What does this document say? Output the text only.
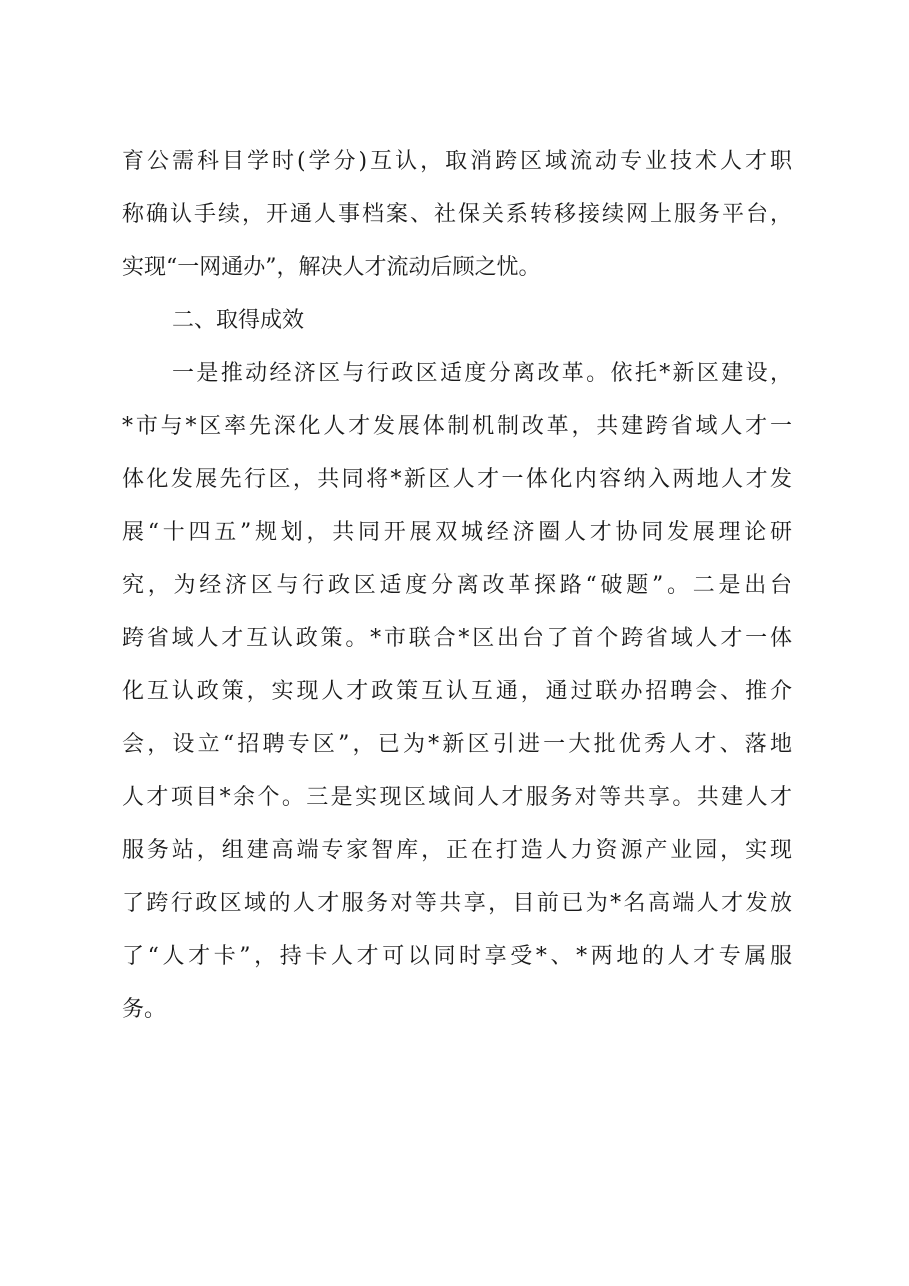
育公需科目学时(学分)互认，取消跨区域流动专业技术人才职
称确认手续，开通人事档案、社保关系转移接续网上服务平台，
实现“一网通办”，解决人才流动后顾之忧。
二、取得成效
一是推动经济区与行政区适度分离改革。依托*新区建设，
*市与*区率先深化人才发展体制机制改革，共建跨省域人才一
体化发展先行区，共同将*新区人才一体化内容纳入两地人才发
展“十四五”规划，共同开展双城经济圈人才协同发展理论研
究，为经济区与行政区适度分离改革探路“破题”。二是出台
跨省域人才互认政策。*市联合*区出台了首个跨省域人才一体
化互认政策，实现人才政策互认互通，通过联办招聘会、推介
会，设立“招聘专区”，已为*新区引进一大批优秀人才、落地
人才项目*余个。三是实现区域间人才服务对等共享。共建人才
服务站，组建高端专家智库，正在打造人力资源产业园，实现
了跨行政区域的人才服务对等共享，目前已为*名高端人才发放
了“人才卡”，持卡人才可以同时享受*、*两地的人才专属服
务。
